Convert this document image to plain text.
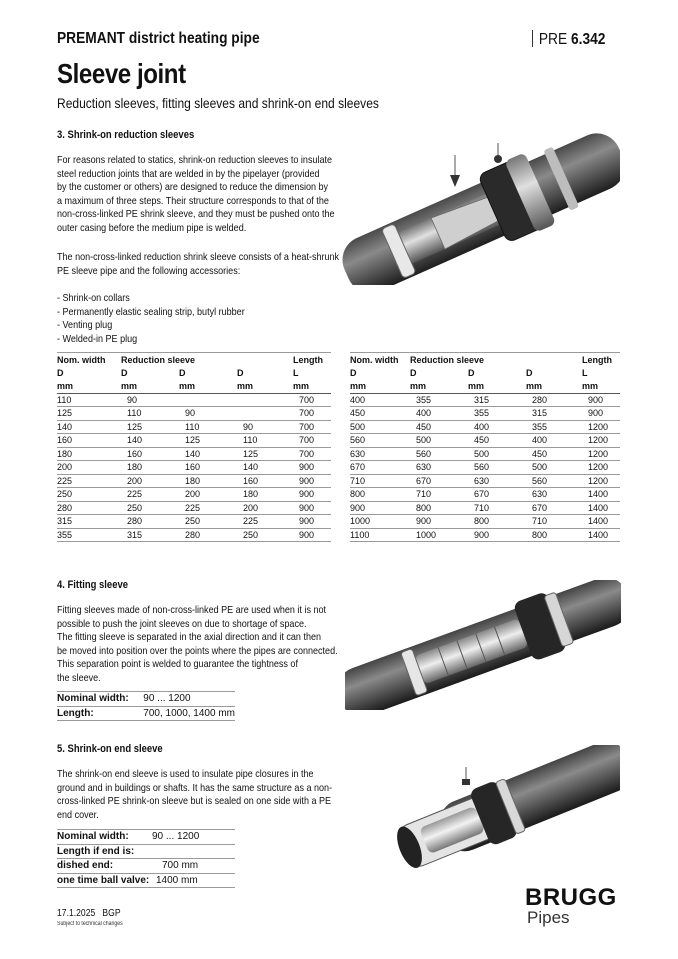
PREMANT district heating pipe	PRE 6.342
Sleeve joint
Reduction sleeves, fitting sleeves and shrink-on end sleeves
3. Shrink-on reduction sleeves
For reasons related to statics, shrink-on reduction sleeves to insulate
steel reduction joints that are welded in by the pipelayer (provided
by the customer or others) are designed to reduce the dimension by
a maximum of three steps. Their structure corresponds to that of the
non-cross-linked PE shrink sleeve, and they must be pushed onto the
outer casing before the medium pipe is welded.
The non-cross-linked reduction shrink sleeve consists of a heat-shrunk
PE sleeve pipe and the following accessories:
- Shrink-on collars
- Permanently elastic sealing strip, butyl rubber
- Venting plug
- Welded-in PE plug
Nom. width	Reduction sleeve			Length
D	D	D	D	L
mm	mm	mm	mm	mm
110	90			700
125	110	90		700
140	125	110	90	700
160	140	125	110	700
180	160	140	125	700
200	180	160	140	900
225	200	180	160	900
250	225	200	180	900
280	250	225	200	900
315	280	250	225	900
355	315	280	250	900
Nom. width	Reduction sleeve			Length
D	D	D	D	L
mm	mm	mm	mm	mm
400	355	315	280	900
450	400	355	315	900
500	450	400	355	1200
560	500	450	400	1200
630	560	500	450	1200
670	630	560	500	1200
710	670	630	560	1200
800	710	670	630	1400
900	800	710	670	1400
1000	900	800	710	1400
1100	1000	900	800	1400
4. Fitting sleeve
Fitting sleeves made of non-cross-linked PE are used when it is not
possible to push the joint sleeves on due to shortage of space.
The fitting sleeve is separated in the axial direction and it can then
be moved into position over the points where the pipes are connected.
This separation point is welded to guarantee the tightness of
the sleeve.
Nominal width:	90 ... 1200
Length:	700, 1000, 1400 mm
5. Shrink-on end sleeve
The shrink-on end sleeve is used to insulate pipe closures in the
ground and in buildings or shafts. It has the same structure as a non-
cross-linked PE shrink-on sleeve but is sealed on one side with a PE
end cover.
Nominal width:	90 ... 1200
Length if end is:	
dished end:	700 mm
one time ball valve:	1400 mm
17.1.2025   BGP
Subject to technical changes
BRUGG
Pipes
